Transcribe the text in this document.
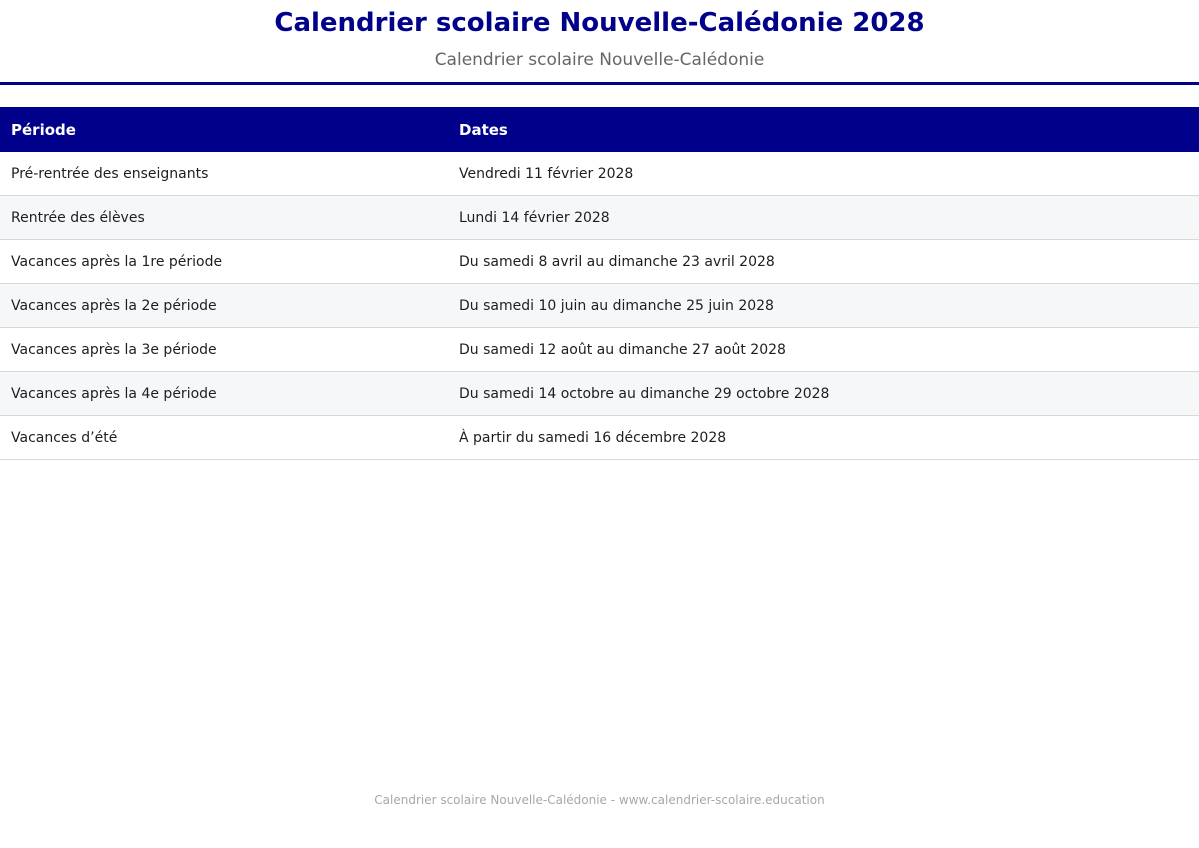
Calendrier scolaire Nouvelle-Calédonie 2028
Calendrier scolaire Nouvelle-Calédonie
Période	Dates
Pré-rentrée des enseignants	Vendredi 11 février 2028
Rentrée des élèves	Lundi 14 février 2028
Vacances après la 1re période	Du samedi 8 avril au dimanche 23 avril 2028
Vacances après la 2e période	Du samedi 10 juin au dimanche 25 juin 2028
Vacances après la 3e période	Du samedi 12 août au dimanche 27 août 2028
Vacances après la 4e période	Du samedi 14 octobre au dimanche 29 octobre 2028
Vacances d’été	À partir du samedi 16 décembre 2028
Calendrier scolaire Nouvelle-Calédonie - www.calendrier-scolaire.education
